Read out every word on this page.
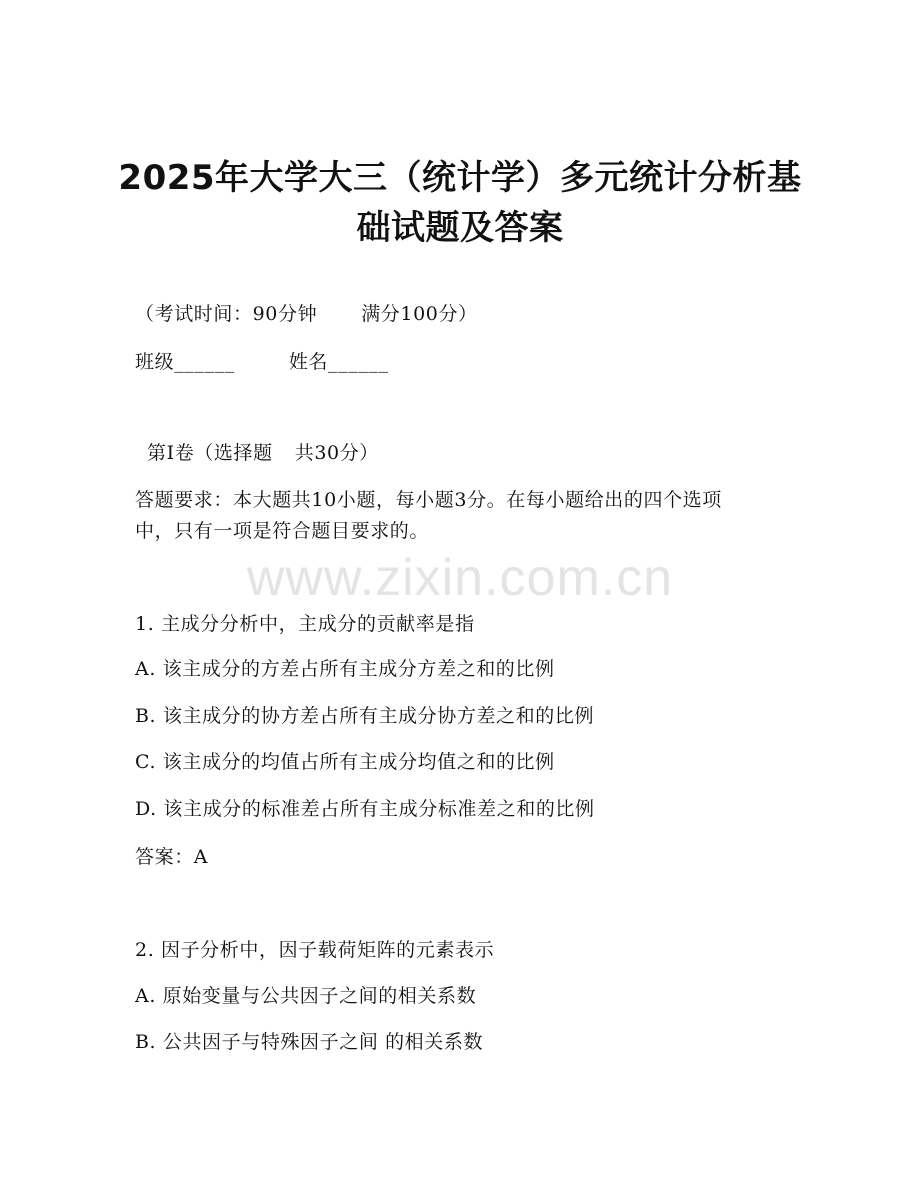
www.zixin.com.cn
2025年大学大三（统计学）多元统计分析基
础试题及答案
（考试时间：90分钟 满分100分）
班级______	姓名______
第I卷（选择题 共30分）
答题要求：本大题共10小题，每小题3分。在每小题给出的四个选项
中，只有一项是符合题目要求的。
1. 主成分分析中，主成分的贡献率是指
A. 该主成分的方差占所有主成分方差之和的比例
B. 该主成分的协方差占所有主成分协方差之和的比例
C. 该主成分的均值占所有主成分均值之和的比例
D. 该主成分的标准差占所有主成分标准差之和的比例
答案：A
2. 因子分析中，因子载荷矩阵的元素表示
A. 原始变量与公共因子之间的相关系数
B. 公共因子与特殊因子之间 的相关系数
